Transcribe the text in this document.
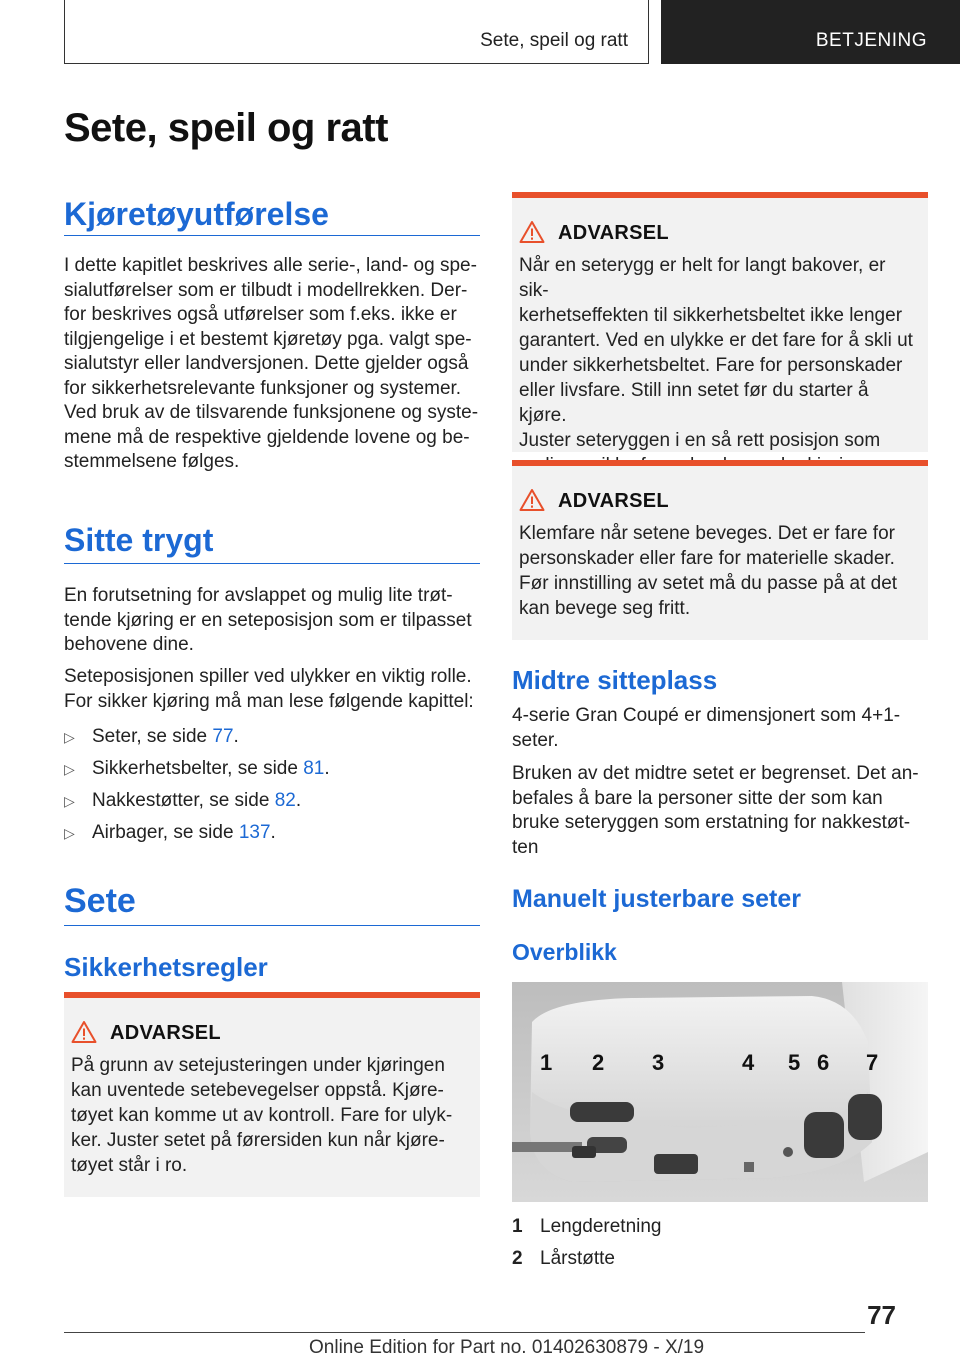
Sete, speil og ratt	BETJENING
Sete, speil og ratt
Kjøretøyutførelse
I dette kapitlet beskrives alle serie-, land- og spe‐
sialutførelser som er tilbudt i modellrekken. Der‐
for beskrives også utførelser som f.eks. ikke er
tilgjengelige i et bestemt kjøretøy pga. valgt spe‐
sialutstyr eller landversjonen. Dette gjelder også
for sikkerhetsrelevante funksjoner og systemer.
Ved bruk av de tilsvarende funksjonene og syste‐
mene må de respektive gjeldende lovene og be‐
stemmelsene følges.
Sitte trygt
En forutsetning for avslappet og mulig lite trøt‐
tende kjøring er en seteposisjon som er tilpasset
behovene dine.
Seteposisjonen spiller ved ulykker en viktig rolle.
For sikker kjøring må man lese følgende kapittel:
▷ Seter, se side 77.
▷ Sikkerhetsbelter, se side 81.
▷ Nakkestøtter, se side 82.
▷ Airbager, se side 137.
Sete
Sikkerhetsregler
ADVARSEL
På grunn av setejusteringen under kjøringen
kan uventede setebevegelser oppstå. Kjøre‐
tøyet kan komme ut av kontroll. Fare for ulyk‐
ker. Juster setet på førersiden kun når kjøre‐
tøyet står i ro.
ADVARSEL
Når en seterygg er helt for langt bakover, er sik‐
kerhetseffekten til sikkerhetsbeltet ikke lenger
garantert. Ved en ulykke er det fare for å skli ut
under sikkerhetsbeltet. Fare for personskader
eller livsfare. Still inn setet før du starter å kjøre.
Juster seteryggen i en så rett posisjon som
ADVARSEL
Klemfare når setene beveges. Det er fare for
personskader eller fare for materielle skader.
Før innstilling av setet må du passe på at det
kan bevege seg fritt.
Midtre sitteplass
4-serie Gran Coupé er dimensjonert som 4+1-
seter.
Bruken av det midtre setet er begrenset. Det an‐
befales å bare la personer sitte der som kan
bruke seteryggen som erstatning for nakkestøt‐
ten
Manuelt justerbare seter
Overblikk
1 2 3	4 5 6 7
1 Lengderetning
2 Lårstøtte
77
Online Edition for Part no. 01402630879 - X/19
